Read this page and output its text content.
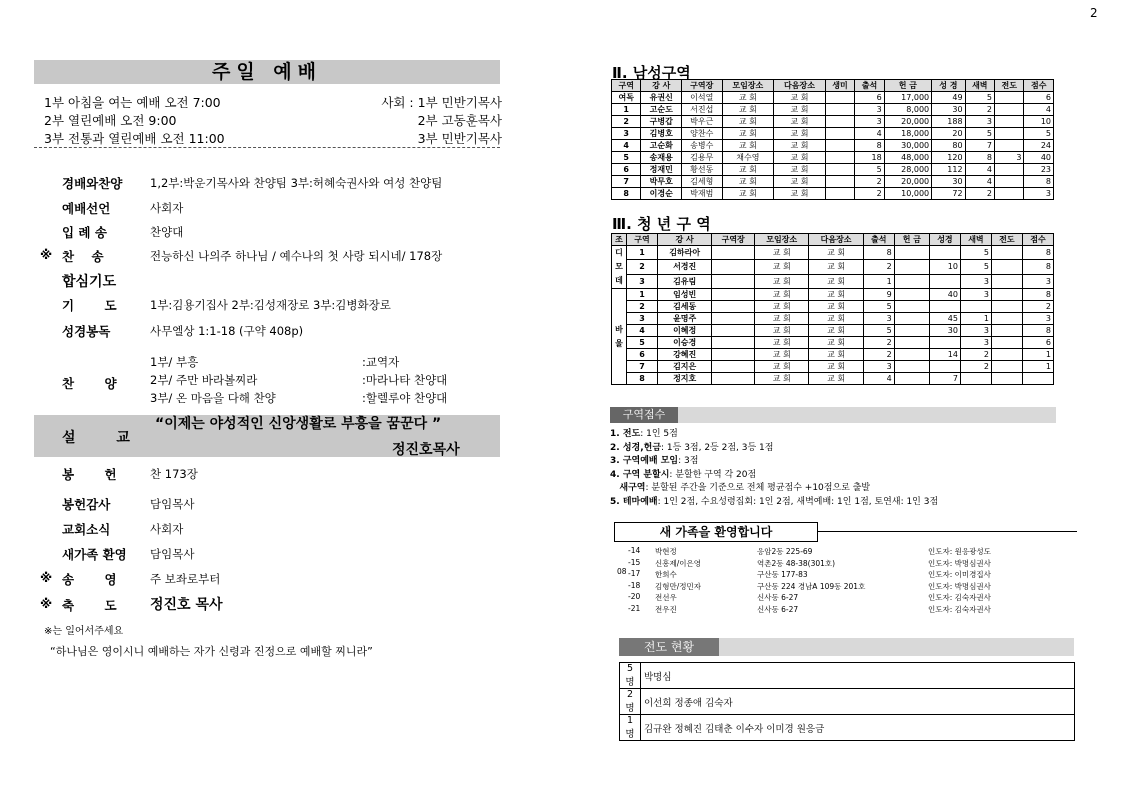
2
주일 예배
1부 아침을 여는 예배 오전 7:00	사회 : 1부 민반기목사
2부 열린예배 오전 9:00	2부 고동훈목사
3부 전통과 열린예배 오전 11:00	3부 민반기목사
경배와찬양 1,2부:박운기목사와 찬양팀 3부:허혜숙권사와 여성 찬양팀
예배선언	사회자
입 례 송	찬양대
※ 찬    송	전능하신 나의주 하나님 / 예수나의 첫 사랑 되시네/ 178장
합심기도
기       도	1부:김용기집사 2부:김성재장로 3부:김병화장로
성경봉독	사무엘상 1:1-18 (구약 408p)
찬       양
1부/ 부흥	:교역자
2부/ 주만 바라볼찌라	:마라나타 찬양대
3부/ 온 마음을 다해 찬양	:할렐루야 찬양대
설 교
“이제는 야성적인 신앙생활로 부흥을 꿈꾼다 ”
정진호목사
봉       헌	찬 173장
봉헌감사	담임목사
교회소식	사회자
새가족 환영 담임목사
※ 송       영	주 보좌로부터
※ 축       도 정진호 목사
※는 일어서주세요
“하나님은 영이시니 예배하는 자가 신령과 진정으로 예배할 찌니라”
Ⅱ. 남성구역
구역	강 사	구역장	모임장소	다음장소	생미	출석	헌 금	성 경	새벽	전도	점수
여독	유권신	이석열	교 회	교 회		6	17,000	49	5		6
1	고순도	서진섭	교 회	교 회		3	8,000	30	2		4
2	구병갑	박우근	교 회	교 회		3	20,000	188	3		10
3	김병호	양찬수	교 회	교 회		4	18,000	20	5		5
4	고순화	송병수	교 회	교 회		8	30,000	80	7		24
5	송재용	김용무	채수영	교 회		18	48,000	120	8	3	40
6	정재민	황선동	교 회	교 회		5	28,000	112	4		23
7	박무호	김세형	교 회	교 회		2	20,000	30	4		8
8	이경순	박재범	교 회	교 회		2	10,000	72	2		3
Ⅲ. 청 년 구 역
조	구역	강 사	구역장	모임장소	다음장소	출석	헌 금	성경	새벽	전도	점수
디모데	1	김하라아		교 회	교 회	8			5		8
	2	서경진		교 회	교 회	2		10	5		8
	3	김유림		교 회	교 회	1			3		3
바울	1	임성빈		교 회	교 회	9		40	3		8
	2	김세동		교 회	교 회	5					2
	3	윤명주		교 회	교 회	3		45	1		3
	4	이혜정		교 회	교 회	5		30	3		8
	5	이승경		교 회	교 회	2			3		6
	6	강혜진		교 회	교 회	2		14	2		1
	7	김지은		교 회	교 회	3			2		1
	8	정지호		교 회	교 회	4		7			
구역점수
1. 전도: 1인 5점
2. 성경,헌금: 1등 3점, 2등 2점, 3등 1점
3. 구역예배 모임: 3점
4. 구역 분할시: 분할한 구역 각 20점
새구역: 분할된 주간을 기준으로 전체 평균점수 +10점으로 출발
5. 테마예배: 1인 2점, 수요성령집회: 1인 2점, 새벽예배: 1인 1점, 토연새: 1인 3점
새 가족을 환영합니다
08
-14 박현정	응암2동 225-69	인도자: 원응광성도
-15 신흥제/이은영	역촌2동 48-38(301호)	인도자: 박명심권사
-17 한희수	구산동 177-83	인도자: 이미경집사
-18 김형만/정민자	구산동 224 경남A 109동 201호	인도자: 박명심권사
-20 전선우	신사동 6-27	인도자: 김숙자권사
-21 전우진	신사동 6-27	인도자: 김숙자권사
전도 현황
5명	박명심
2명	이선희 정종애 김숙자
1명	김규완 정혜진 김태춘 이수자 이미경 원응금
